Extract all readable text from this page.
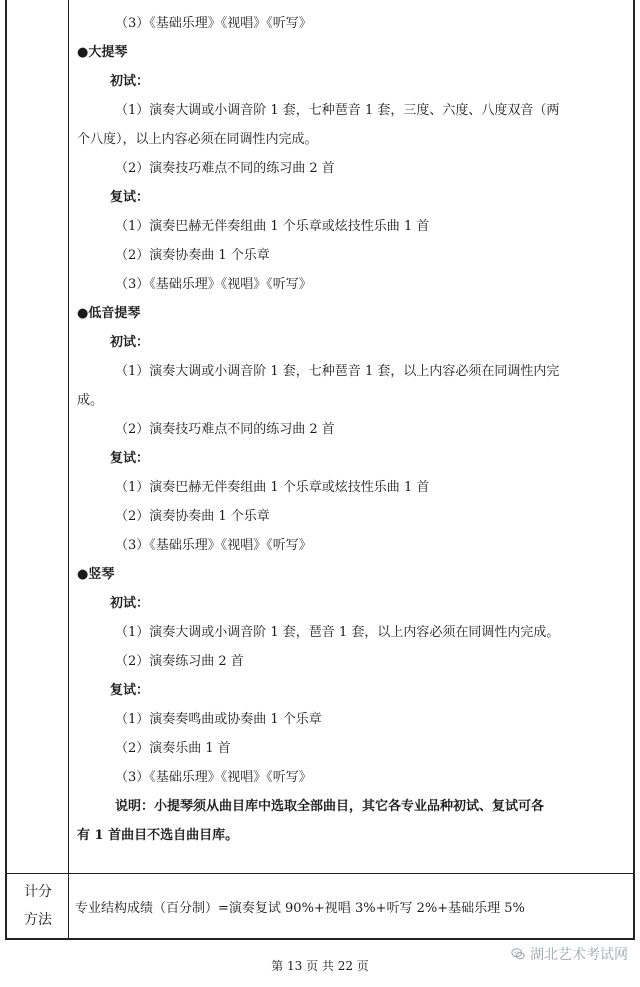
（3）《基础乐理》《视唱》《听写》

●大提琴

初试：

（1）演奏大调或小调音阶 1 套，七种琶音 1 套，三度、六度、八度双音（两

个八度），以上内容必须在同调性内完成。

（2）演奏技巧难点不同的练习曲 2 首

复试：

（1）演奏巴赫无伴奏组曲 1 个乐章或炫技性乐曲 1 首

（2）演奏协奏曲 1 个乐章

（3）《基础乐理》《视唱》《听写》

●低音提琴

初试：

（1）演奏大调或小调音阶 1 套，七种琶音 1 套，以上内容必须在同调性内完

成。

（2）演奏技巧难点不同的练习曲 2 首

复试：

（1）演奏巴赫无伴奏组曲 1 个乐章或炫技性乐曲 1 首

（2）演奏协奏曲 1 个乐章

（3）《基础乐理》《视唱》《听写》

●竖琴

初试：

（1）演奏大调或小调音阶 1 套，琶音 1 套，以上内容必须在同调性内完成。

（2）演奏练习曲 2 首

复试：

（1）演奏奏鸣曲或协奏曲 1 个乐章

（2）演奏乐曲 1 首

（3）《基础乐理》《视唱》《听写》

说明：小提琴须从曲目库中选取全部曲目，其它各专业品种初试、复试可各

有 1 首曲目不选自曲目库。

计分
方法
专业结构成绩（百分制）=演奏复试 90%+视唱 3%+听写 2%+基础乐理 5%
湖北艺术考试网
第 13 页 共 22 页
